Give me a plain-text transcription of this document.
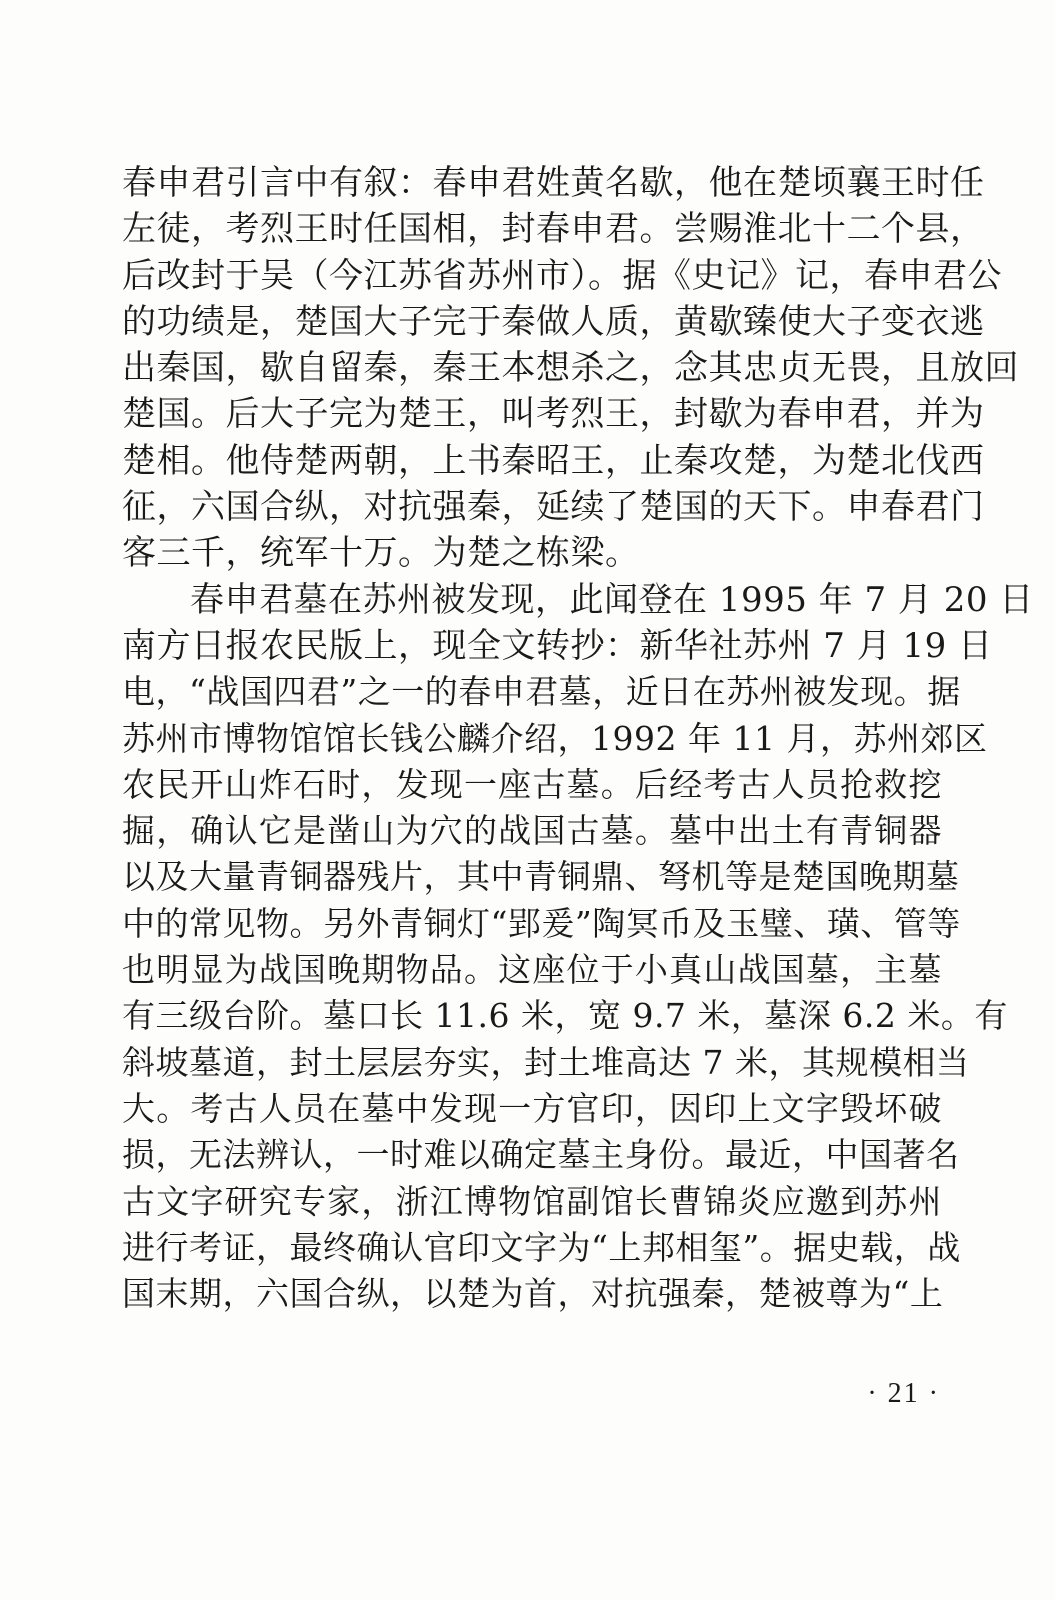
春申君引言中有叙：春申君姓黄名歇，他在楚顷襄王时任
左徒，考烈王时任国相，封春申君。尝赐淮北十二个县，
后改封于吴（今江苏省苏州市）。据《史记》记，春申君公
的功绩是，楚国大子完于秦做人质，黄歇臻使大子变衣逃
出秦国，歇自留秦，秦王本想杀之，念其忠贞无畏，且放回
楚国。后大子完为楚王，叫考烈王，封歇为春申君，并为
楚相。他侍楚两朝，上书秦昭王，止秦攻楚，为楚北伐西
征，六国合纵，对抗强秦，延续了楚国的天下。申春君门
客三千，统军十万。为楚之栋梁。
春申君墓在苏州被发现，此闻登在 1995 年 7 月 20 日
南方日报农民版上，现全文转抄：新华社苏州 7 月 19 日
电，“战国四君”之一的春申君墓，近日在苏州被发现。据
苏州市博物馆馆长钱公麟介绍，1992 年 11 月，苏州郊区
农民开山炸石时，发现一座古墓。后经考古人员抢救挖
掘，确认它是凿山为穴的战国古墓。墓中出土有青铜器
以及大量青铜器残片，其中青铜鼎、弩机等是楚国晚期墓
中的常见物。另外青铜灯“郢爰”陶冥币及玉璧、璜、管等
也明显为战国晚期物品。这座位于小真山战国墓，主墓
有三级台阶。墓口长 11.6 米，宽 9.7 米，墓深 6.2 米。有
斜坡墓道，封土层层夯实，封土堆高达 7 米，其规模相当
大。考古人员在墓中发现一方官印，因印上文字毁坏破
损，无法辨认，一时难以确定墓主身份。最近，中国著名
古文字研究专家，浙江博物馆副馆长曹锦炎应邀到苏州
进行考证，最终确认官印文字为“上邦相玺”。据史载，战
国末期，六国合纵，以楚为首，对抗强秦，楚被尊为“上
· 21 ·
